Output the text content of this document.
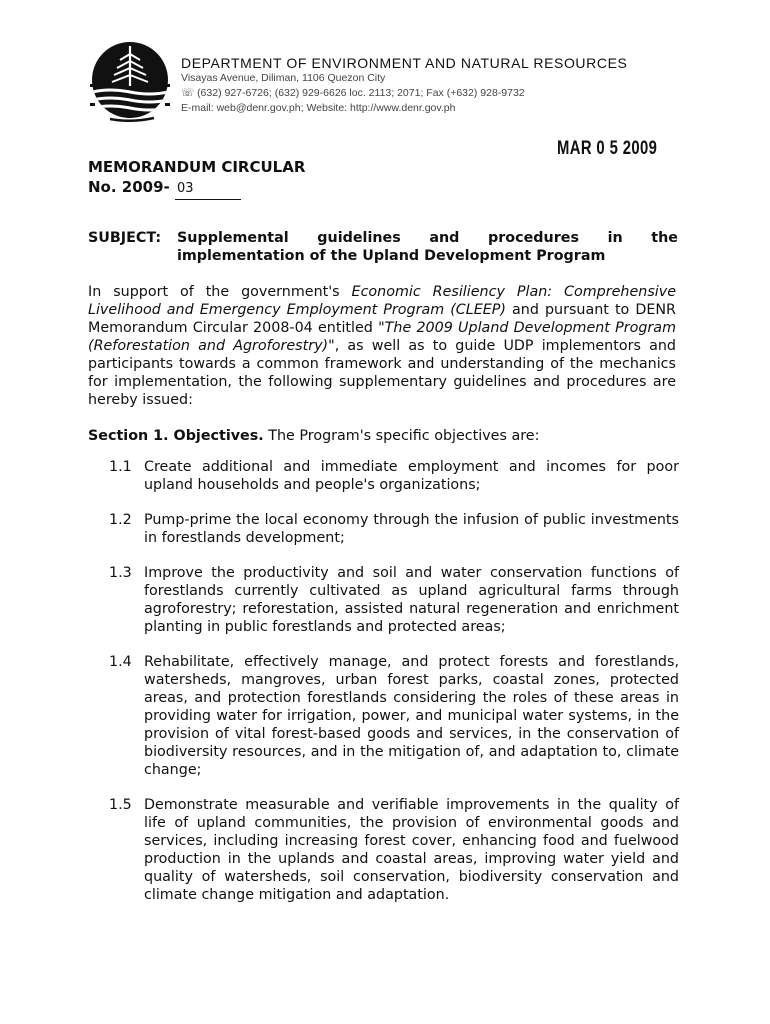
DEPARTMENT OF ENVIRONMENT AND NATURAL RESOURCES
Visayas Avenue, Diliman, 1106 Quezon City
☏ (632) 927-6726; (632) 929-6626 loc. 2113; 2071; Fax (+632) 928-9732
E-mail: web@denr.gov.ph; Website: http://www.denr.gov.ph
MAR 0 5 2009
MEMORANDUM CIRCULAR
No. 2009- 03
SUBJECT: Supplemental guidelines and procedures in the implementation of the Upland Development Program
In support of the government's Economic Resiliency Plan: Comprehensive Livelihood and Emergency Employment Program (CLEEP) and pursuant to DENR Memorandum Circular 2008-04 entitled "The 2009 Upland Development Program (Reforestation and Agroforestry)", as well as to guide UDP implementors and participants towards a common framework and understanding of the mechanics for implementation, the following supplementary guidelines and procedures are hereby issued:
Section 1. Objectives. The Program's specific objectives are:
1.1 Create additional and immediate employment and incomes for poor upland households and people's organizations;
1.2 Pump-prime the local economy through the infusion of public investments in forestlands development;
1.3 Improve the productivity and soil and water conservation functions of forestlands currently cultivated as upland agricultural farms through agroforestry; reforestation, assisted natural regeneration and enrichment planting in public forestlands and protected areas;
1.4 Rehabilitate, effectively manage, and protect forests and forestlands, watersheds, mangroves, urban forest parks, coastal zones, protected areas, and protection forestlands considering the roles of these areas in providing water for irrigation, power, and municipal water systems, in the provision of vital forest-based goods and services, in the conservation of biodiversity resources, and in the mitigation of, and adaptation to, climate change;
1.5 Demonstrate measurable and verifiable improvements in the quality of life of upland communities, the provision of environmental goods and services, including increasing forest cover, enhancing food and fuelwood production in the uplands and coastal areas, improving water yield and quality of watersheds, soil conservation, biodiversity conservation and climate change mitigation and adaptation.
